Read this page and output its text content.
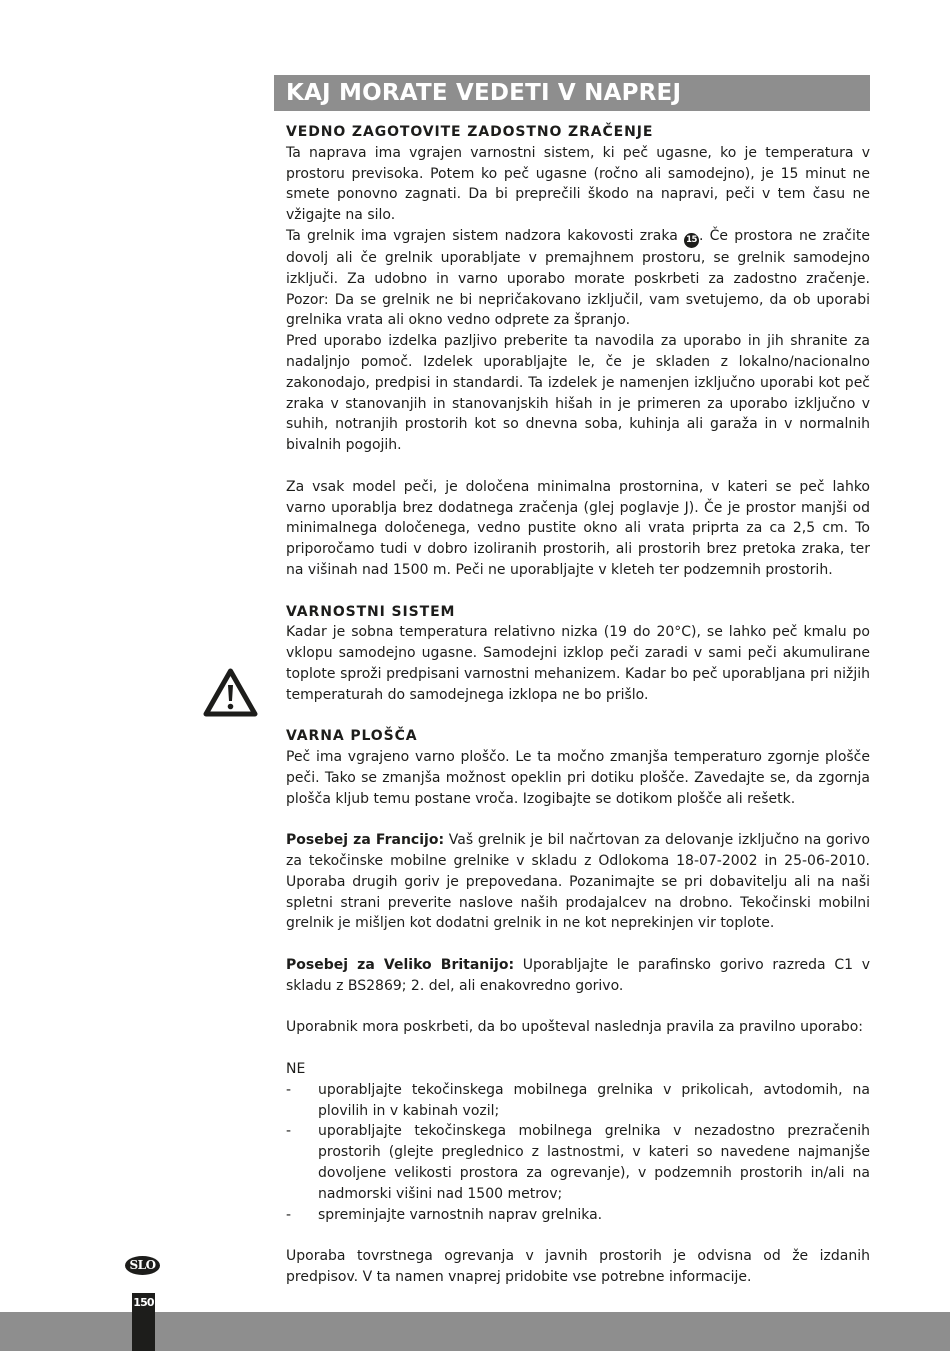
KAJ MORATE VEDETI V NAPREJ
VEDNO ZAGOTOVITE ZADOSTNO ZRAČENJE

Ta naprava ima vgrajen varnostni sistem, ki peč ugasne, ko je temperatura v prostoru previsoka. Potem ko peč ugasne (ročno ali samodejno), je 15 minut ne smete ponovno zagnati. Da bi preprečili škodo na napravi, peči v tem času ne vžigajte na silo.

Ta grelnik ima vgrajen sistem nadzora kakovosti zraka 15 . Če prostora ne zračite dovolj ali če grelnik uporabljate v premajhnem prostoru, se grelnik samodejno izključi. Za udobno in varno uporabo morate poskrbeti za zadostno zračenje. Pozor: Da se grelnik ne bi nepričakovano izključil, vam svetujemo, da ob uporabi grelnika vrata ali okno vedno odprete za špranjo.

Pred uporabo izdelka pazljivo preberite ta navodila za uporabo in jih shranite za nadaljnjo pomoč. Izdelek uporabljajte le, če je skladen z lokalno/nacionalno zakonodajo, predpisi in standardi. Ta izdelek je namenjen izključno uporabi kot peč zraka v stanovanjih in stanovanjskih hišah in je primeren za uporabo izključno v suhih, notranjih prostorih kot so dnevna soba, kuhinja ali garaža in v normalnih bivalnih pogojih.

Za vsak model peči, je določena minimalna prostornina, v kateri se peč lahko varno uporablja brez dodatnega zračenja (glej poglavje J). Če je prostor manjši od minimalnega določenega, vedno pustite okno ali vrata priprta za ca 2,5 cm. To priporočamo tudi v dobro izoliranih prostorih, ali prostorih brez pretoka zraka, ter na višinah nad 1500 m. Peči ne uporabljajte v kleteh ter podzemnih prostorih.

VARNOSTNI SISTEM

Kadar je sobna temperatura relativno nizka (19 do 20°C), se lahko peč kmalu po vklopu samodejno ugasne. Samodejni izklop peči zaradi v sami peči akumulirane toplote sproži predpisani varnostni mehanizem. Kadar bo peč uporabljana pri nižjih temperaturah do samodejnega izklopa ne bo prišlo.

VARNA PLOŠČA

Peč ima vgrajeno varno ploščo. Le ta močno zmanjša temperaturo zgornje plošče peči. Tako se zmanjša možnost opeklin pri dotiku plošče. Zavedajte se, da zgornja plošča kljub temu postane vroča. Izogibajte se dotikom plošče ali rešetk.

Posebej za Francijo: Vaš grelnik je bil načrtovan za delovanje izključno na gorivo za tekočinske mobilne grelnike v skladu z Odlokoma 18-07-2002 in 25-06-2010. Uporaba drugih goriv je prepovedana. Pozanimajte se pri dobavitelju ali na naši spletni strani preverite naslove naših prodajalcev na drobno. Tekočinski mobilni grelnik je mišljen kot dodatni grelnik in ne kot neprekinjen vir toplote.

Posebej za Veliko Britanijo: Uporabljajte le parafinsko gorivo razreda C1 v skladu z BS2869; 2. del, ali enakovredno gorivo.

Uporabnik mora poskrbeti, da bo upošteval naslednja pravila za pravilno uporabo:

NE

- uporabljajte tekočinskega mobilnega grelnika v prikolicah, avtodomih, na plovilih in v kabinah vozil;
- uporabljajte tekočinskega mobilnega grelnika v nezadostno prezračenih prostorih (glejte preglednico z lastnostmi, v kateri so navedene najmanjše dovoljene velikosti prostora za ogrevanje), v podzemnih prostorih in/ali na nadmorski višini nad 1500 metrov;
- spreminjajte varnostnih naprav grelnika.

Uporaba tovrstnega ogrevanja v javnih prostorih je odvisna od že izdanih predpisov. V ta namen vnaprej pridobite vse potrebne informacije.

SLO
150
